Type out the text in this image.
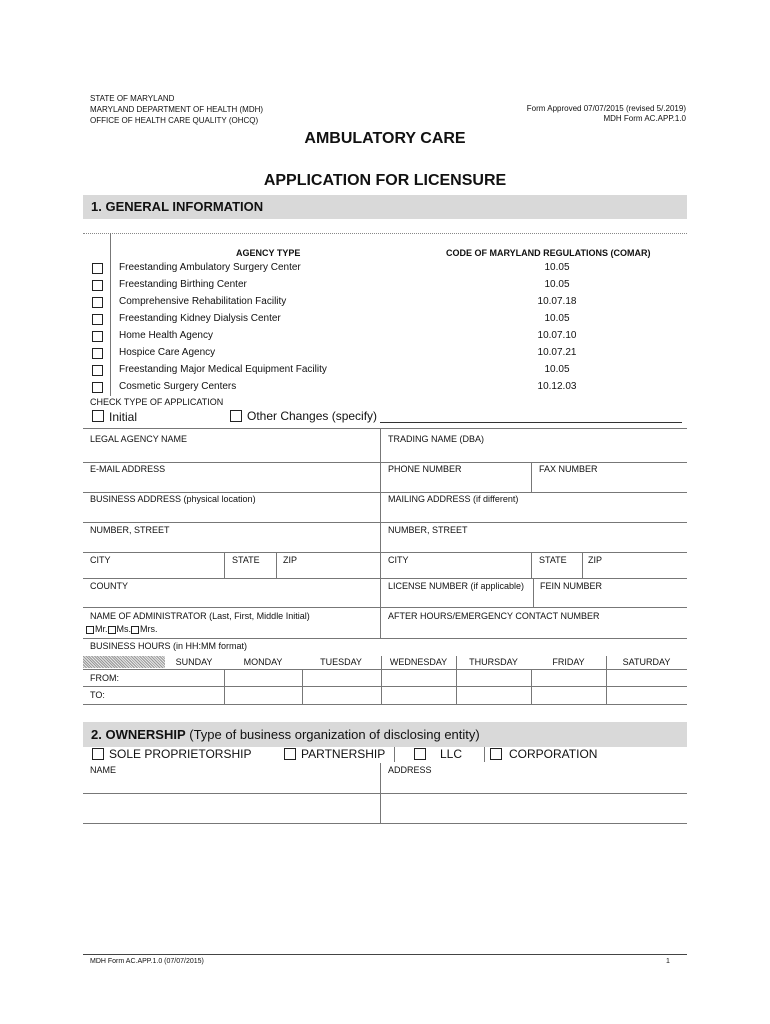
STATE OF MARYLAND
MARYLAND DEPARTMENT OF HEALTH (MDH)
OFFICE OF HEALTH CARE QUALITY (OHCQ)
Form Approved 07/07/2015 (revised 5/.2019)
MDH Form AC.APP.1.0
AMBULATORY CARE
APPLICATION FOR LICENSURE
1. GENERAL INFORMATION
AGENCY TYPE	CODE OF MARYLAND REGULATIONS (COMAR)
Freestanding Ambulatory Surgery Center	10.05
Freestanding Birthing Center	10.05
Comprehensive Rehabilitation Facility	10.07.18
Freestanding Kidney Dialysis Center	10.05
Home Health Agency	10.07.10
Hospice Care Agency	10.07.21
Freestanding Major Medical Equipment Facility	10.05
Cosmetic Surgery Centers	10.12.03
CHECK TYPE OF APPLICATION
Initial	Other Changes (specify)
LEGAL AGENCY NAME	TRADING NAME (DBA)
E-MAIL ADDRESS	PHONE NUMBER	FAX NUMBER
BUSINESS ADDRESS (physical location)	MAILING ADDRESS (if different)
NUMBER, STREET	NUMBER, STREET
CITY	STATE	ZIP	CITY	STATE ZIP
COUNTY	LICENSE NUMBER (if applicable) FEIN NUMBER
NAME OF ADMINISTRATOR (Last, First, Middle Initial)	AFTER HOURS/EMERGENCY CONTACT NUMBER
Mr. Ms. Mrs.
BUSINESS HOURS (in HH:MM format)
SUNDAY	MONDAY	TUESDAY	WEDNESDAY	THURSDAY	FRIDAY	SATURDAY
FROM:
TO:
2. OWNERSHIP (Type of business organization of disclosing entity)
SOLE PROPRIETORSHIP	PARTNERSHIP	LLC	CORPORATION
NAME	ADDRESS
MDH Form AC.APP.1.0 (07/07/2015)	1
